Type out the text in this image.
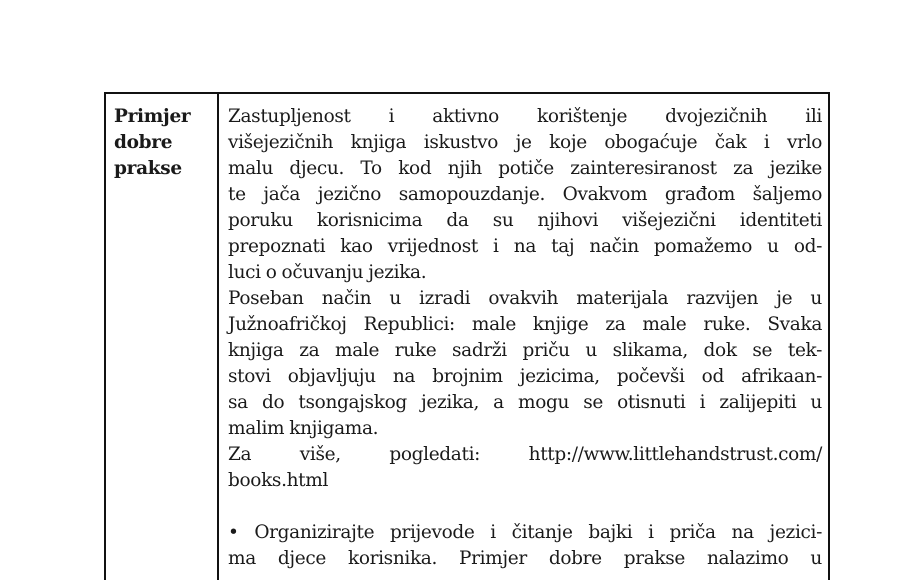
Primjer
dobre
prakse
Zastupljenost i aktivno korištenje dvojezičnih ili
višejezičnih knjiga iskustvo je koje obogaćuje čak i vrlo
malu djecu. To kod njih potiče zainteresiranost za jezike
te jača jezično samopouzdanje. Ovakvom građom šaljemo
poruku korisnicima da su njihovi višejezični identiteti
prepoznati kao vrijednost i na taj način pomažemo u od-
luci o očuvanju jezika.
Poseban način u izradi ovakvih materijala razvijen je u
Južnoafričkoj Republici: male knjige za male ruke. Svaka
knjiga za male ruke sadrži priču u slikama, dok se tek-
stovi objavljuju na brojnim jezicima, počevši od afrikaan-
sa do tsongajskog jezika, a mogu se otisnuti i zalijepiti u
malim knjigama.
Za više, pogledati: http://www.littlehandstrust.com/
books.html
• Organizirajte prijevode i čitanje bajki i priča na jezici-
ma djece korisnika. Primjer dobre prakse nalazimo u
